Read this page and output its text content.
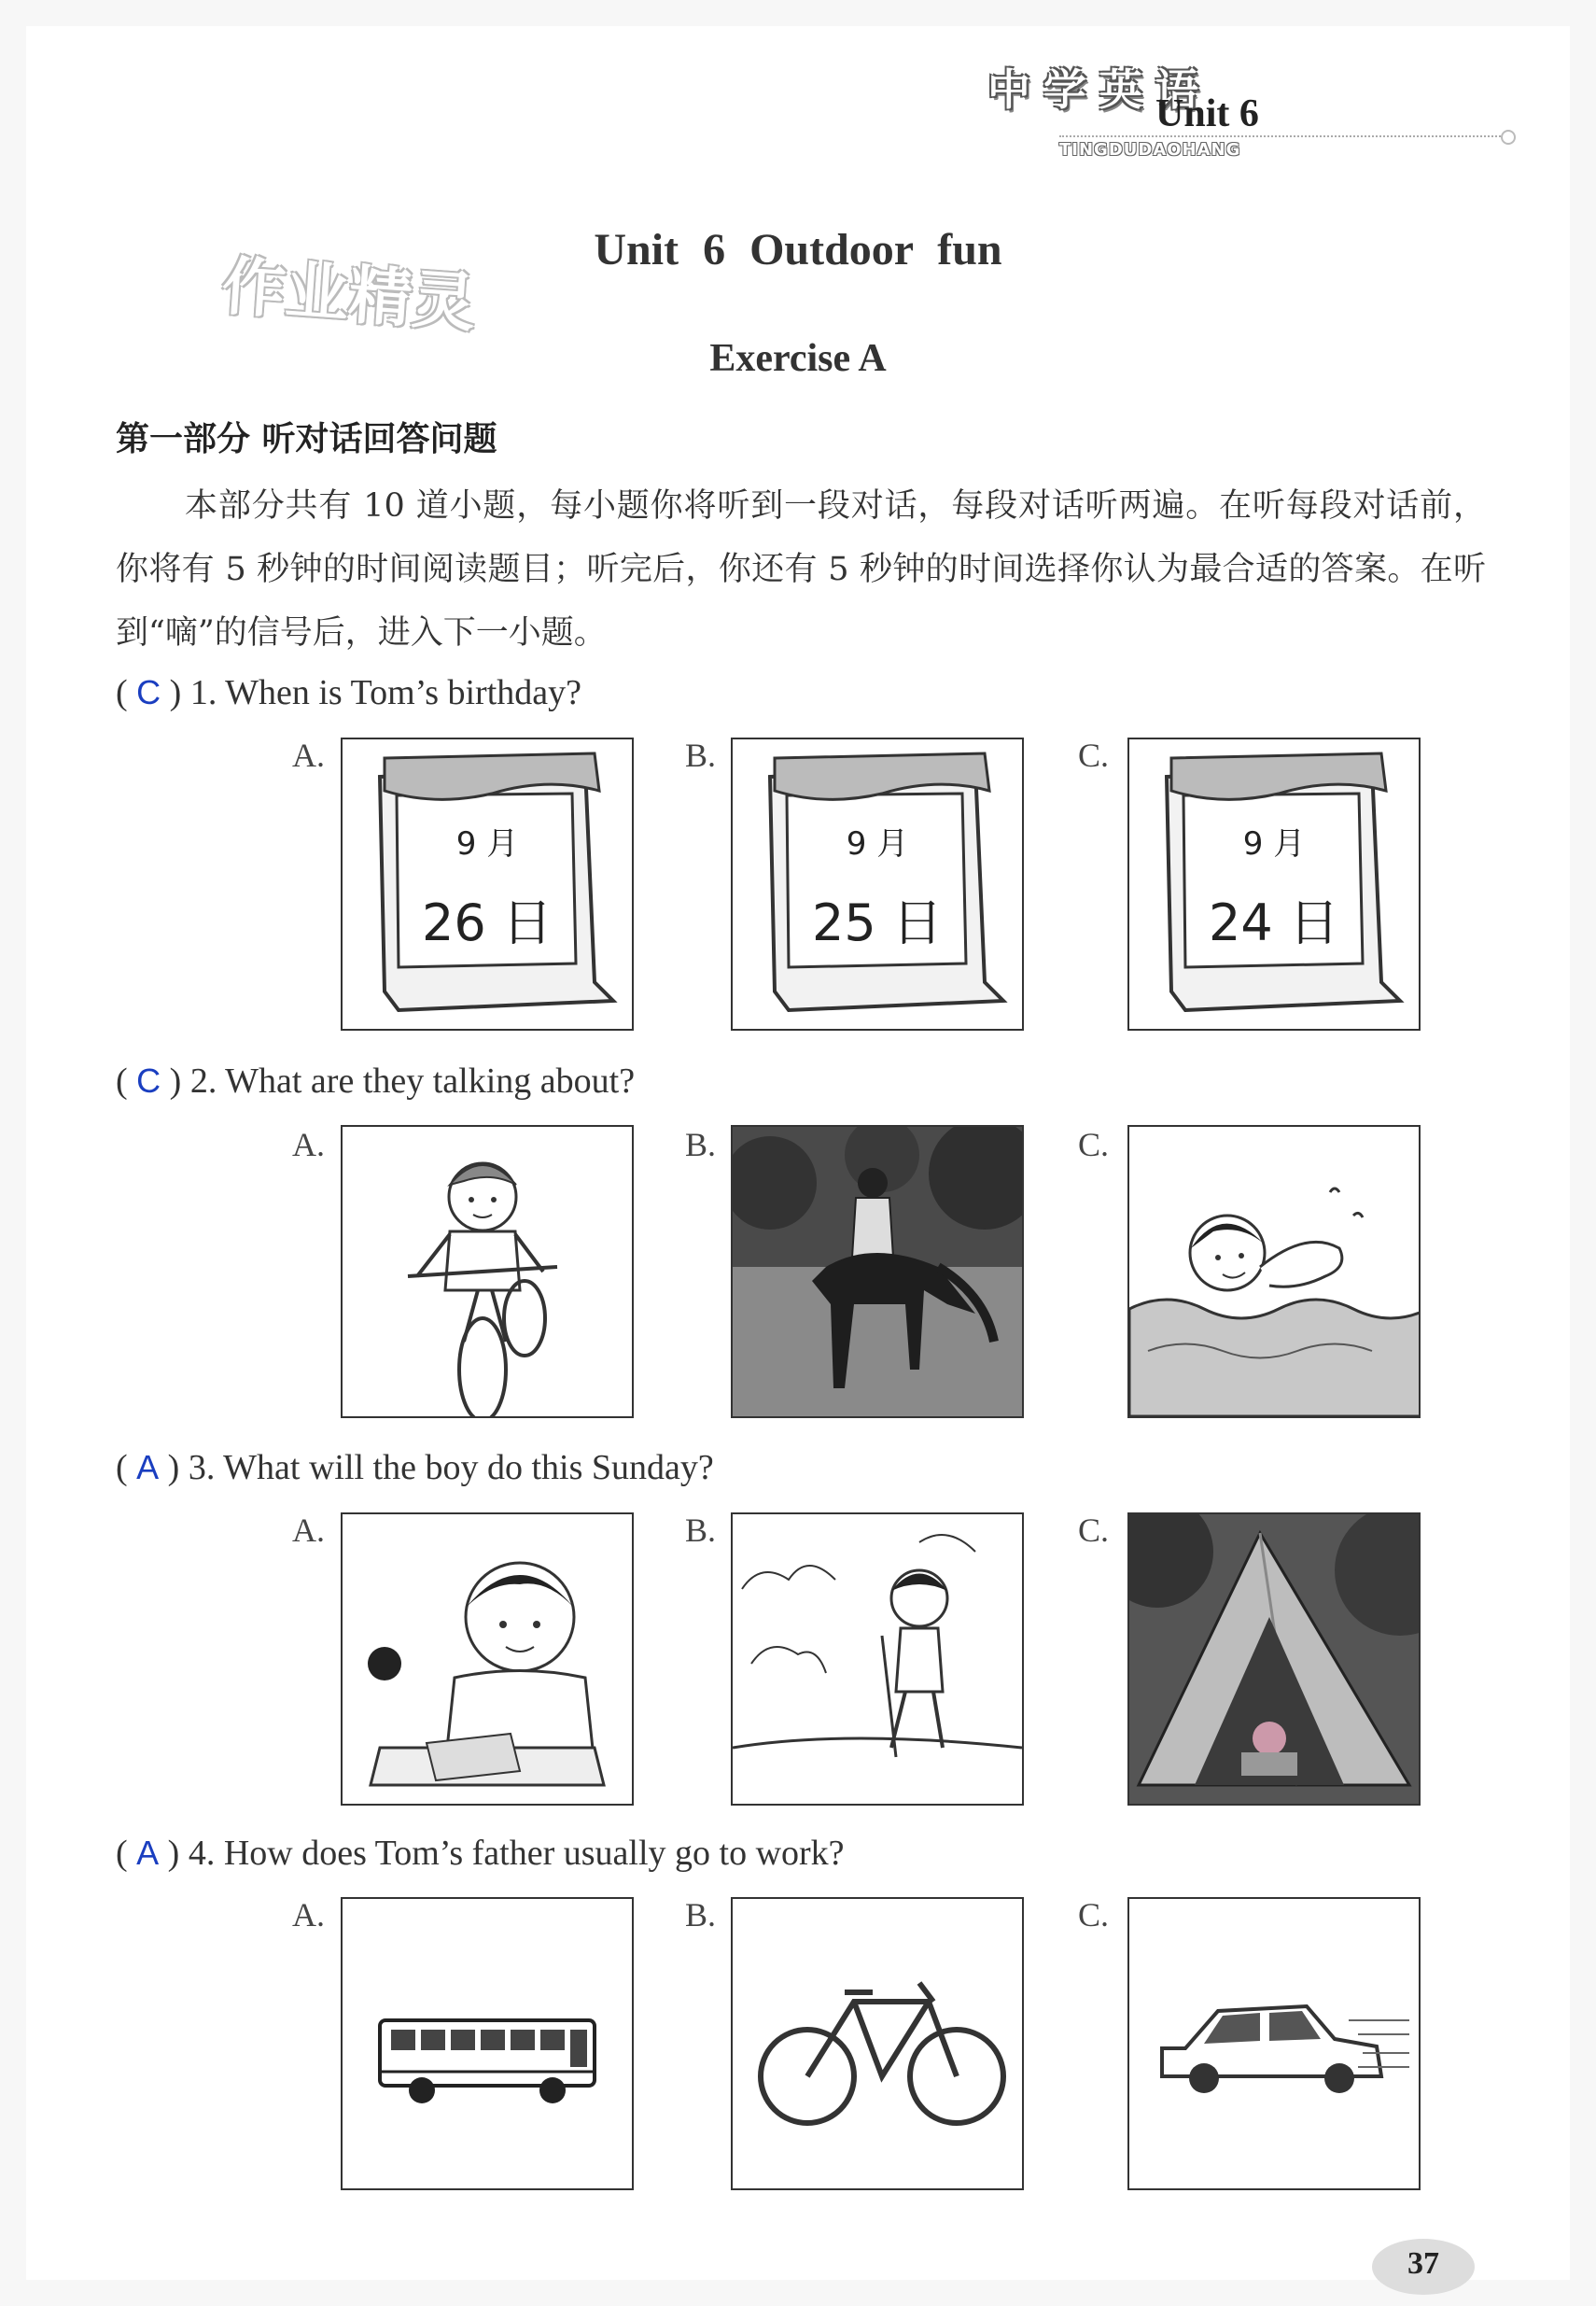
中学英语
Unit 6
TINGDUDAOHANG
作业精灵
Unit 6 Outdoor fun
Exercise A
第一部分 听对话回答问题
本部分共有 10 道小题，每小题你将听到一段对话，每段对话听两遍。在听每段对话前，你将有 5 秒钟的时间阅读题目；听完后，你还有 5 秒钟的时间选择你认为最合适的答案。在听到“嘀”的信号后，进入下一小题。
( C ) 1. When is Tom’s birthday?
A.
9 月
26 日
B.
9 月
25 日
C.
9 月
24 日
( C ) 2. What are they talking about?
A.	B.	C.
( A ) 3. What will the boy do this Sunday?
A.	B.	C.
( A ) 4. How does Tom’s father usually go to work?
A.	B.	C.
37
